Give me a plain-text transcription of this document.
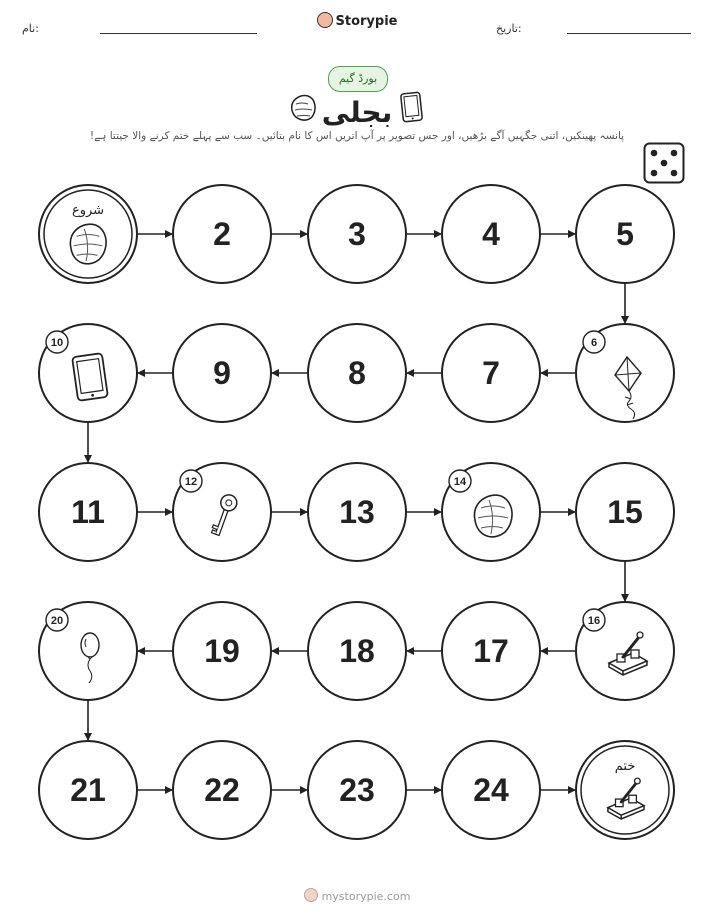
نام:	Storypie	تاریخ:
بورڈ گیم
بجلی
پانسہ پھینکیں، اتنی جگہیں آگے بڑھیں، اور جس تصویر پر آپ اتریں اس کا نام بتائیں۔ سب سے پہلے ختم کرنے والا جیتتا ہے!
شروع
2	3	4	5
6
7
8
9
10
11
12
13
14
15
16
17
18
19
20
21	22	23	24
ختم
mystorypie.com
